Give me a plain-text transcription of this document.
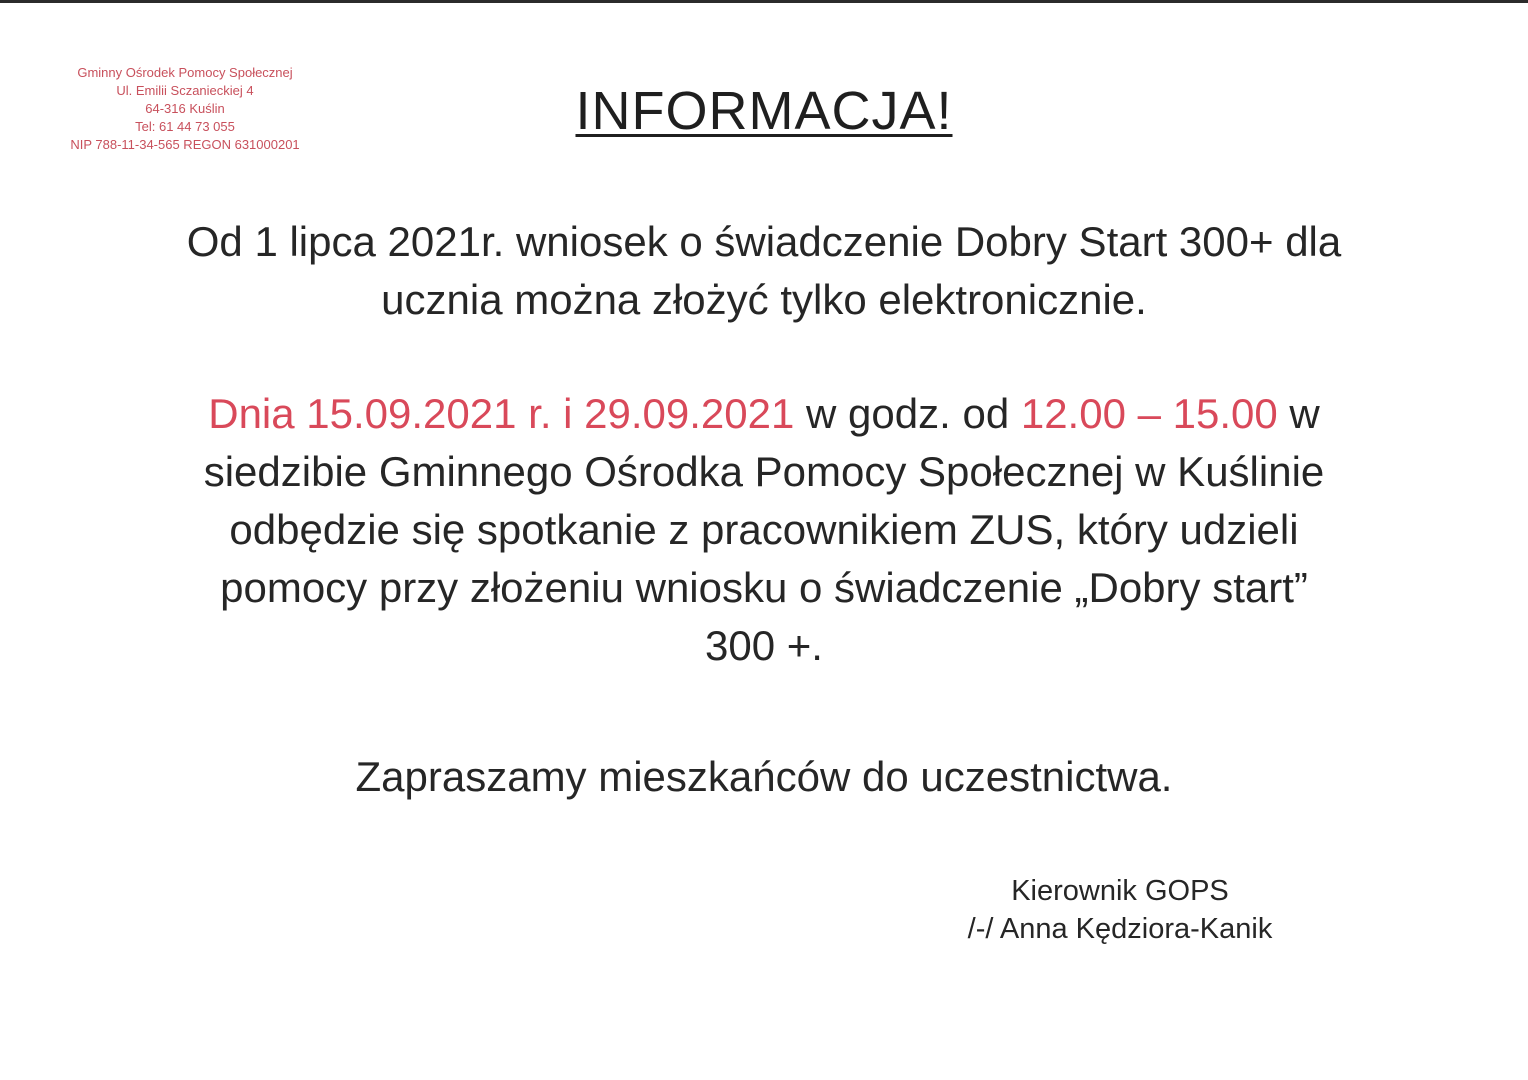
Gminny Ośrodek Pomocy Społecznej
Ul. Emilii Sczanieckiej 4
64-316 Kuślin
Tel: 61 44 73 055
NIP 788-11-34-565 REGON 631000201
INFORMACJA!
Od 1 lipca 2021r. wniosek o świadczenie Dobry Start 300+ dla
ucznia można złożyć tylko elektronicznie.
Dnia 15.09.2021 r. i 29.09.2021 w godz. od 12.00 – 15.00 w
siedzibie Gminnego Ośrodka Pomocy Społecznej w Kuślinie
odbędzie się spotkanie z pracownikiem ZUS, który udzieli
pomocy przy złożeniu wniosku o świadczenie „Dobry start”
300 +.
Zapraszamy mieszkańców do uczestnictwa.
Kierownik GOPS
/-/ Anna Kędziora-Kanik
